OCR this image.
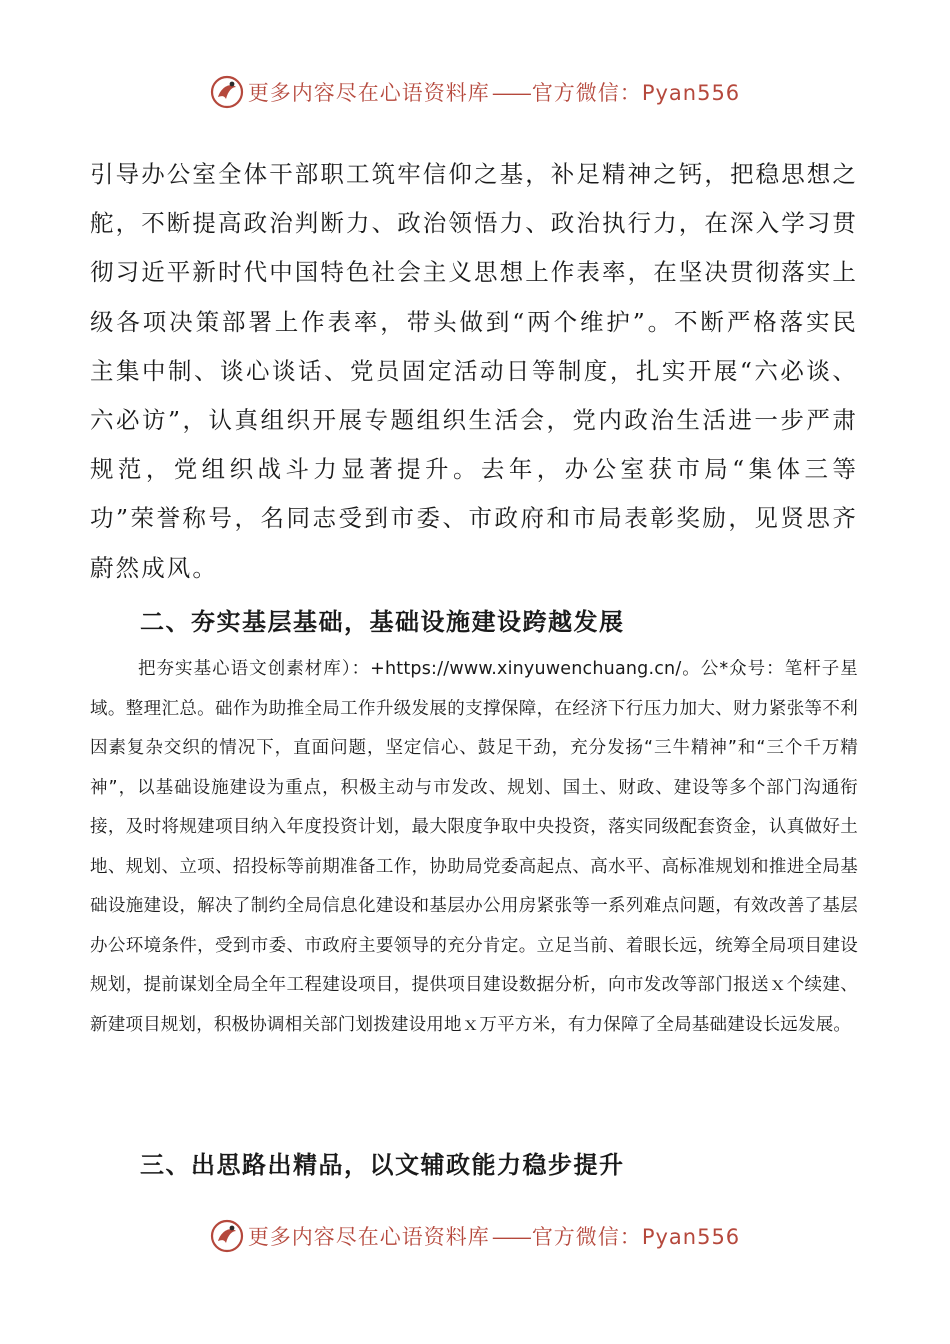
更多内容尽在心语资料库——官方微信：Pyan556

引导办公室全体干部职工筑牢信仰之基，补足精神之钙，把稳思想之舵，不断提高政治判断力、政治领悟力、政治执行力，在深入学习贯彻习近平新时代中国特色社会主义思想上作表率，在坚决贯彻落实上级各项决策部署上作表率，带头做到“两个维护”。不断严格落实民主集中制、谈心谈话、党员固定活动日等制度，扎实开展“六必谈、六必访”，认真组织开展专题组织生活会，党内政治生活进一步严肃规范，党组织战斗力显著提升。去年，办公室获市局“集体三等功”荣誉称号，名同志受到市委、市政府和市局表彰奖励，见贤思齐蔚然成风。

二、夯实基层基础，基础设施建设跨越发展

把夯实基心语文创素材库）：+https://www.xinyuwenchuang.cn/。公*众号：笔杆子星域。整理汇总。础作为助推全局工作升级发展的支撑保障，在经济下行压力加大、财力紧张等不利因素复杂交织的情况下，直面问题，坚定信心、鼓足干劲，充分发扬“三牛精神”和“三个千万精神”，以基础设施建设为重点，积极主动与市发改、规划、国土、财政、建设等多个部门沟通衔接，及时将规建项目纳入年度投资计划，最大限度争取中央投资，落实同级配套资金，认真做好土地、规划、立项、招投标等前期准备工作，协助局党委高起点、高水平、高标准规划和推进全局基础设施建设，解决了制约全局信息化建设和基层办公用房紧张等一系列难点问题，有效改善了基层办公环境条件，受到市委、市政府主要领导的充分肯定。立足当前、着眼长远，统筹全局项目建设规划，提前谋划全局全年工程建设项目，提供项目建设数据分析，向市发改等部门报送ｘ个续建、新建项目规划，积极协调相关部门划拨建设用地ｘ万平方米，有力保障了全局基础建设长远发展。

三、出思路出精品，以文辅政能力稳步提升
更多内容尽在心语资料库——官方微信：Pyan556
